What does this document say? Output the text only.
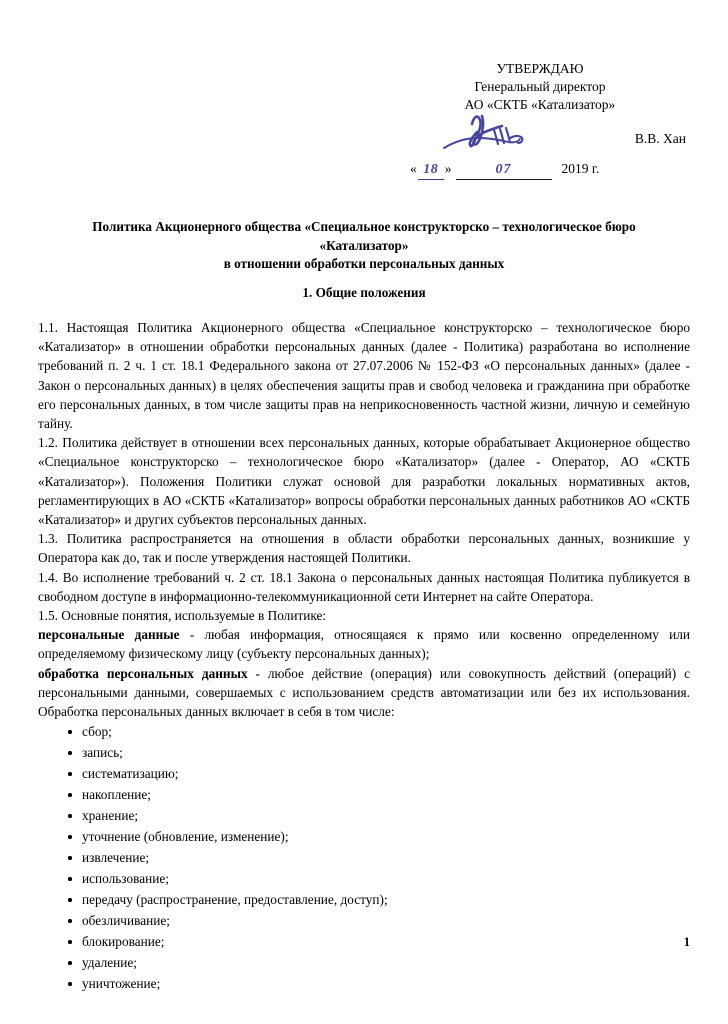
УТВЕРЖДАЮ
Генеральный директор
АО «СКТБ «Катализатор»
В.В. Хан
« 18 »	07	2019 г.
Политика Акционерного общества «Специальное конструкторско – технологическое бюро
«Катализатор»
в отношении обработки персональных данных
1. Общие положения

1.1. Настоящая Политика Акционерного общества «Специальное конструкторско – технологическое бюро «Катализатор» в отношении обработки персональных данных (далее - Политика) разработана во исполнение требований п. 2 ч. 1 ст. 18.1 Федерального закона от 27.07.2006 № 152-ФЗ «О персональных данных» (далее - Закон о персональных данных) в целях обеспечения защиты прав и свобод человека и гражданина при обработке его персональных данных, в том числе защиты прав на неприкосновенность частной жизни, личную и семейную тайну.

1.2. Политика действует в отношении всех персональных данных, которые обрабатывает Акционерное общество «Специальное конструкторско – технологическое бюро «Катализатор» (далее - Оператор, АО «СКТБ «Катализатор»). Положения Политики служат основой для разработки локальных нормативных актов, регламентирующих в АО «СКТБ «Катализатор» вопросы обработки персональных данных работников АО «СКТБ «Катализатор» и других субъектов персональных данных.

1.3. Политика распространяется на отношения в области обработки персональных данных, возникшие у Оператора как до, так и после утверждения настоящей Политики.

1.4. Во исполнение требований ч. 2 ст. 18.1 Закона о персональных данных настоящая Политика публикуется в свободном доступе в информационно-телекоммуникационной сети Интернет на сайте Оператора.

1.5. Основные понятия, используемые в Политике:

персональные данные - любая информация, относящаяся к прямо или косвенно определенному или определяемому физическому лицу (субъекту персональных данных);

обработка персональных данных - любое действие (операция) или совокупность действий (операций) с персональными данными, совершаемых с использованием средств автоматизации или без их использования. Обработка персональных данных включает в себя в том числе:

сбор;
запись;
систематизацию;
накопление;
хранение;
уточнение (обновление, изменение);
извлечение;
использование;
передачу (распространение, предоставление, доступ);
обезличивание;
блокирование;
удаление;
уничтожение;
1
